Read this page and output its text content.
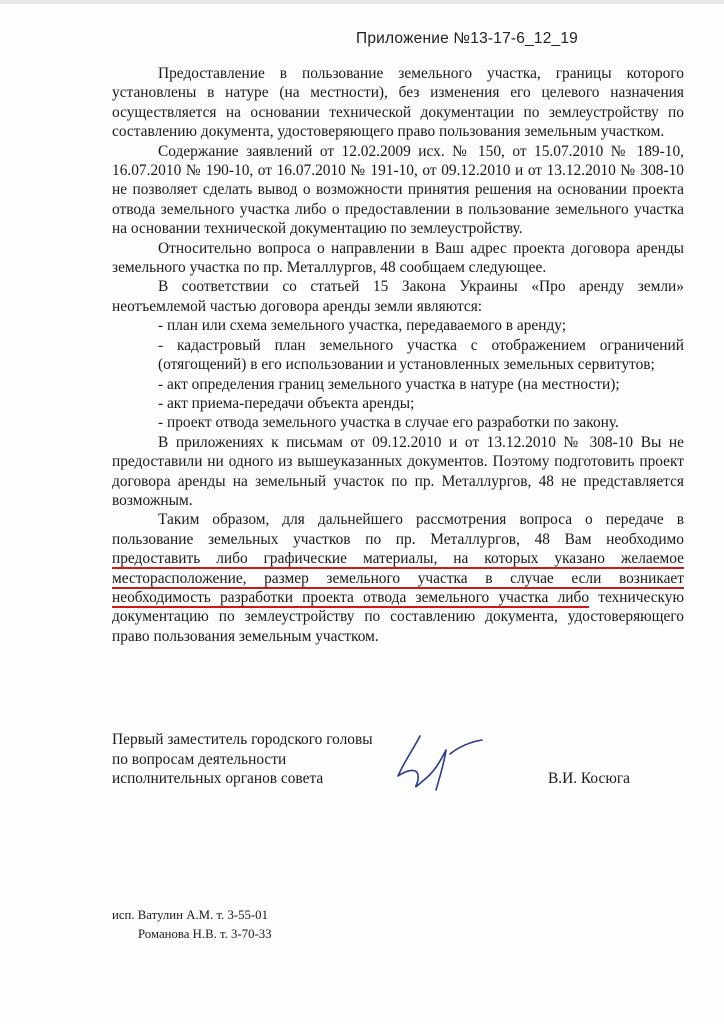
Приложение №13-17-6_12_19

Предоставление в пользование земельного участка, границы которого установлены в натуре (на местности), без изменения его целевого назначения осуществляется на основании технической документации по землеустройству по составлению документа, удостоверяющего право пользования земельным участком.

Содержание заявлений от 12.02.2009 исх. № 150, от 15.07.2010 № 189-10, 16.07.2010 № 190-10, от 16.07.2010 № 191-10, от 09.12.2010 и от 13.12.2010 № 308-10 не позволяет сделать вывод о возможности принятия решения на основании проекта отвода земельного участка либо о предоставлении в пользование земельного участка на основании технической документацию по землеустройству.

Относительно вопроса о направлении в Ваш адрес проекта договора аренды земельного участка по пр. Металлургов, 48 сообщаем следующее.

В соответствии со статьей 15 Закона Украины «Про аренду земли» неотъемлемой частью договора аренды земли являются:

- план или схема земельного участка, передаваемого в аренду;

- кадастровый план земельного участка с отображением ограничений (отягощений) в его использовании и установленных земельных сервитутов;

- акт определения границ земельного участка в натуре (на местности);

- акт приема-передачи объекта аренды;

- проект отвода земельного участка в случае его разработки по закону.

В приложениях к письмам от 09.12.2010 и от 13.12.2010 № 308-10 Вы не предоставили ни одного из вышеуказанных документов. Поэтому подготовить проект договора аренды на земельный участок по пр. Металлургов, 48 не представляется возможным.

Таким образом, для дальнейшего рассмотрения вопроса о передаче в пользование земельных участков по пр. Металлургов, 48 Вам необходимо предоставить либо графические материалы, на которых указано желаемое месторасположение, размер земельного участка в случае если возникает необходимость разработки проекта отвода земельного участка либо техническую документацию по землеустройству по составлению документа, удостоверяющего право пользования земельным участком.

Первый заместитель городского головы
по вопросам деятельности
исполнительных органов совета	В.И. Косюга
исп. Ватулин А.М. т. 3-55-01
Романова Н.В. т. 3-70-33
